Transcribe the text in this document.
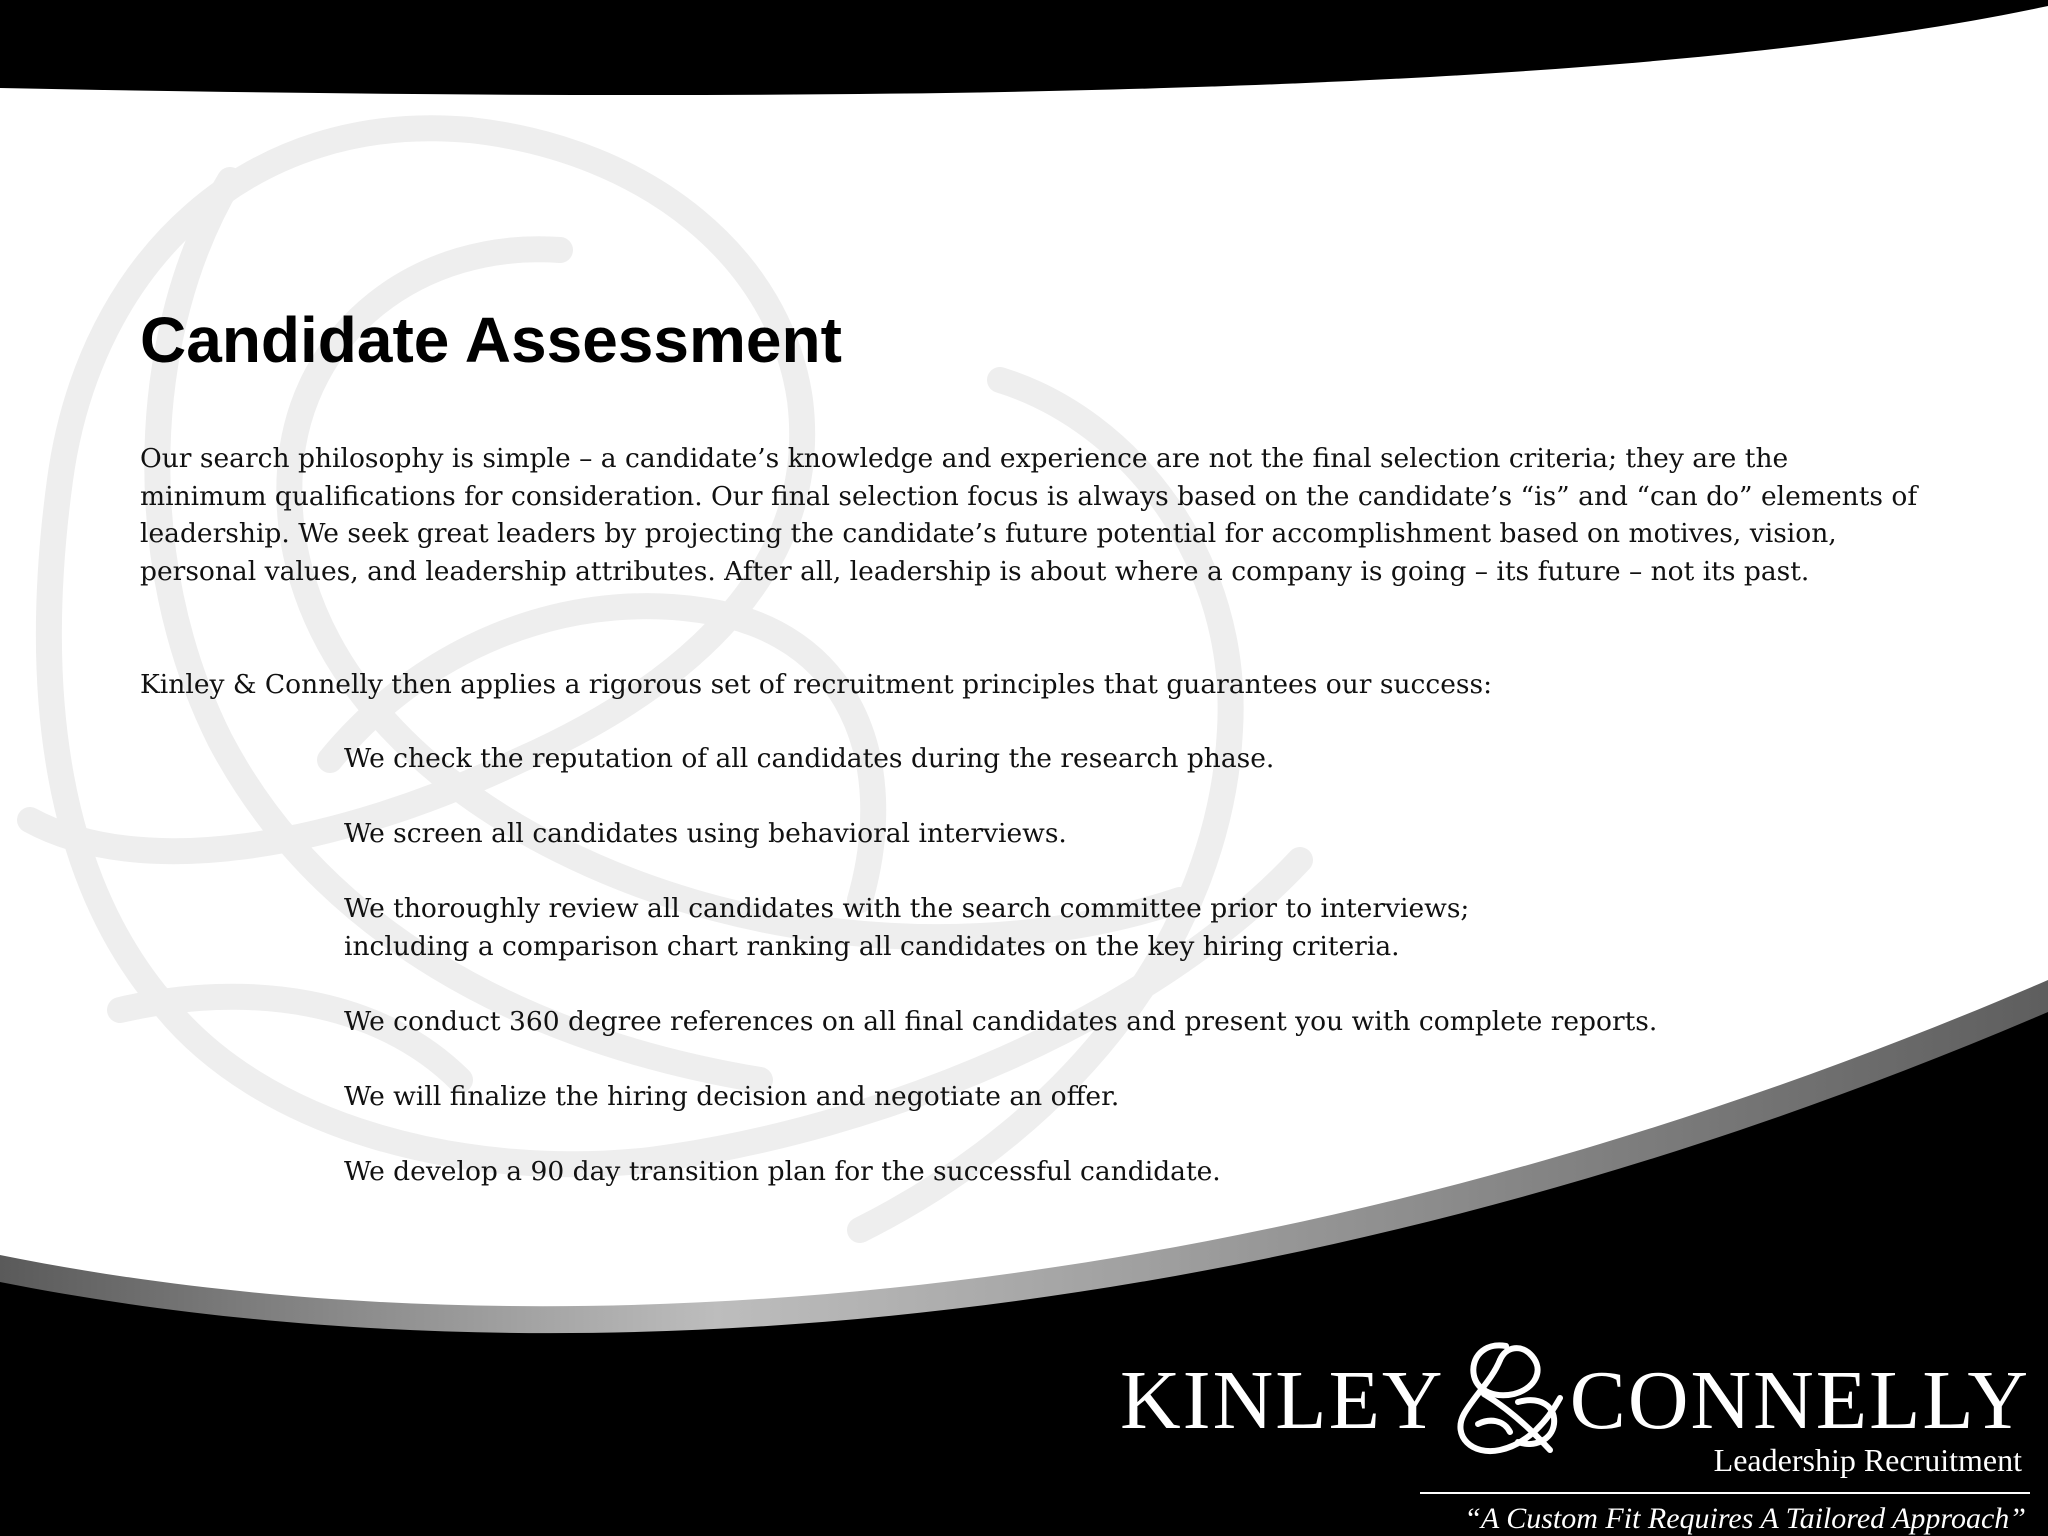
Candidate Assessment

Our search philosophy is simple – a candidate’s knowledge and experience are not the final selection criteria; they are the minimum qualifications for consideration. Our final selection focus is always based on the candidate’s “is” and “can do” elements of leadership. We seek great leaders by projecting the candidate’s future potential for accomplishment based on motives, vision, personal values, and leadership attributes. After all, leadership is about where a company is going – its future – not its past.

Kinley & Connelly then applies a rigorous set of recruitment principles that guarantees our success:

We check the reputation of all candidates during the research phase.
We screen all candidates using behavioral interviews.
We thoroughly review all candidates with the search committee prior to interviews;
including a comparison chart ranking all candidates on the key hiring criteria.
We conduct 360 degree references on all final candidates and present you with complete reports.
We will finalize the hiring decision and negotiate an offer.
We develop a 90 day transition plan for the successful candidate.
KINLEY CONNELLY
Leadership Recruitment
“A Custom Fit Requires A Tailored Approach”
